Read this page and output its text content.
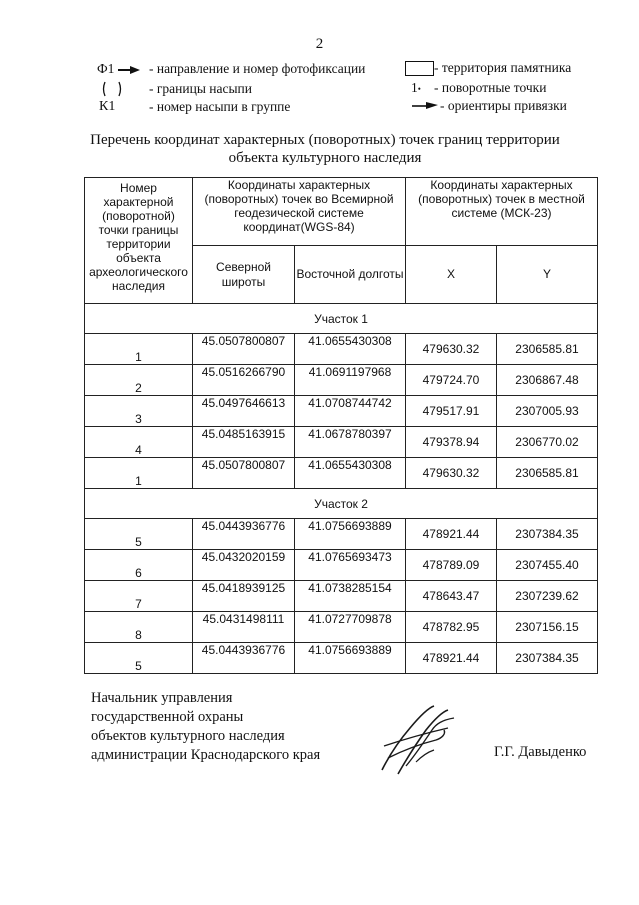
2
Ф1	- направление и номер фотофиксации
- границы насыпи
К1 - номер насыпи в группе
- территория памятника
1• - поворотные точки
- ориентиры привязки
Перечень координат характерных (поворотных) точек границ территории
объекта культурного наследия
Номер характерной (поворотной) точки границы территории объекта археологического наследия	Координаты характерных (поворотных) точек во Всемирной геодезической системе координат(WGS-84)		Координаты характерных (поворотных) точек в местной системе (МСК-23)	
	Северной широты	Восточной долготы	X	Y
Участок 1				
1	45.0507800807	41.0655430308	479630.32	2306585.81
2	45.0516266790	41.0691197968	479724.70	2306867.48
3	45.0497646613	41.0708744742	479517.91	2307005.93
4	45.0485163915	41.0678780397	479378.94	2306770.02
1	45.0507800807	41.0655430308	479630.32	2306585.81
Участок 2				
5	45.0443936776	41.0756693889	478921.44	2307384.35
6	45.0432020159	41.0765693473	478789.09	2307455.40
7	45.0418939125	41.0738285154	478643.47	2307239.62
8	45.0431498111	41.0727709878	478782.95	2307156.15
5	45.0443936776	41.0756693889	478921.44	2307384.35
Начальник управления
государственной охраны
объектов культурного наследия
администрации Краснодарского края	Г.Г. Давыденко
